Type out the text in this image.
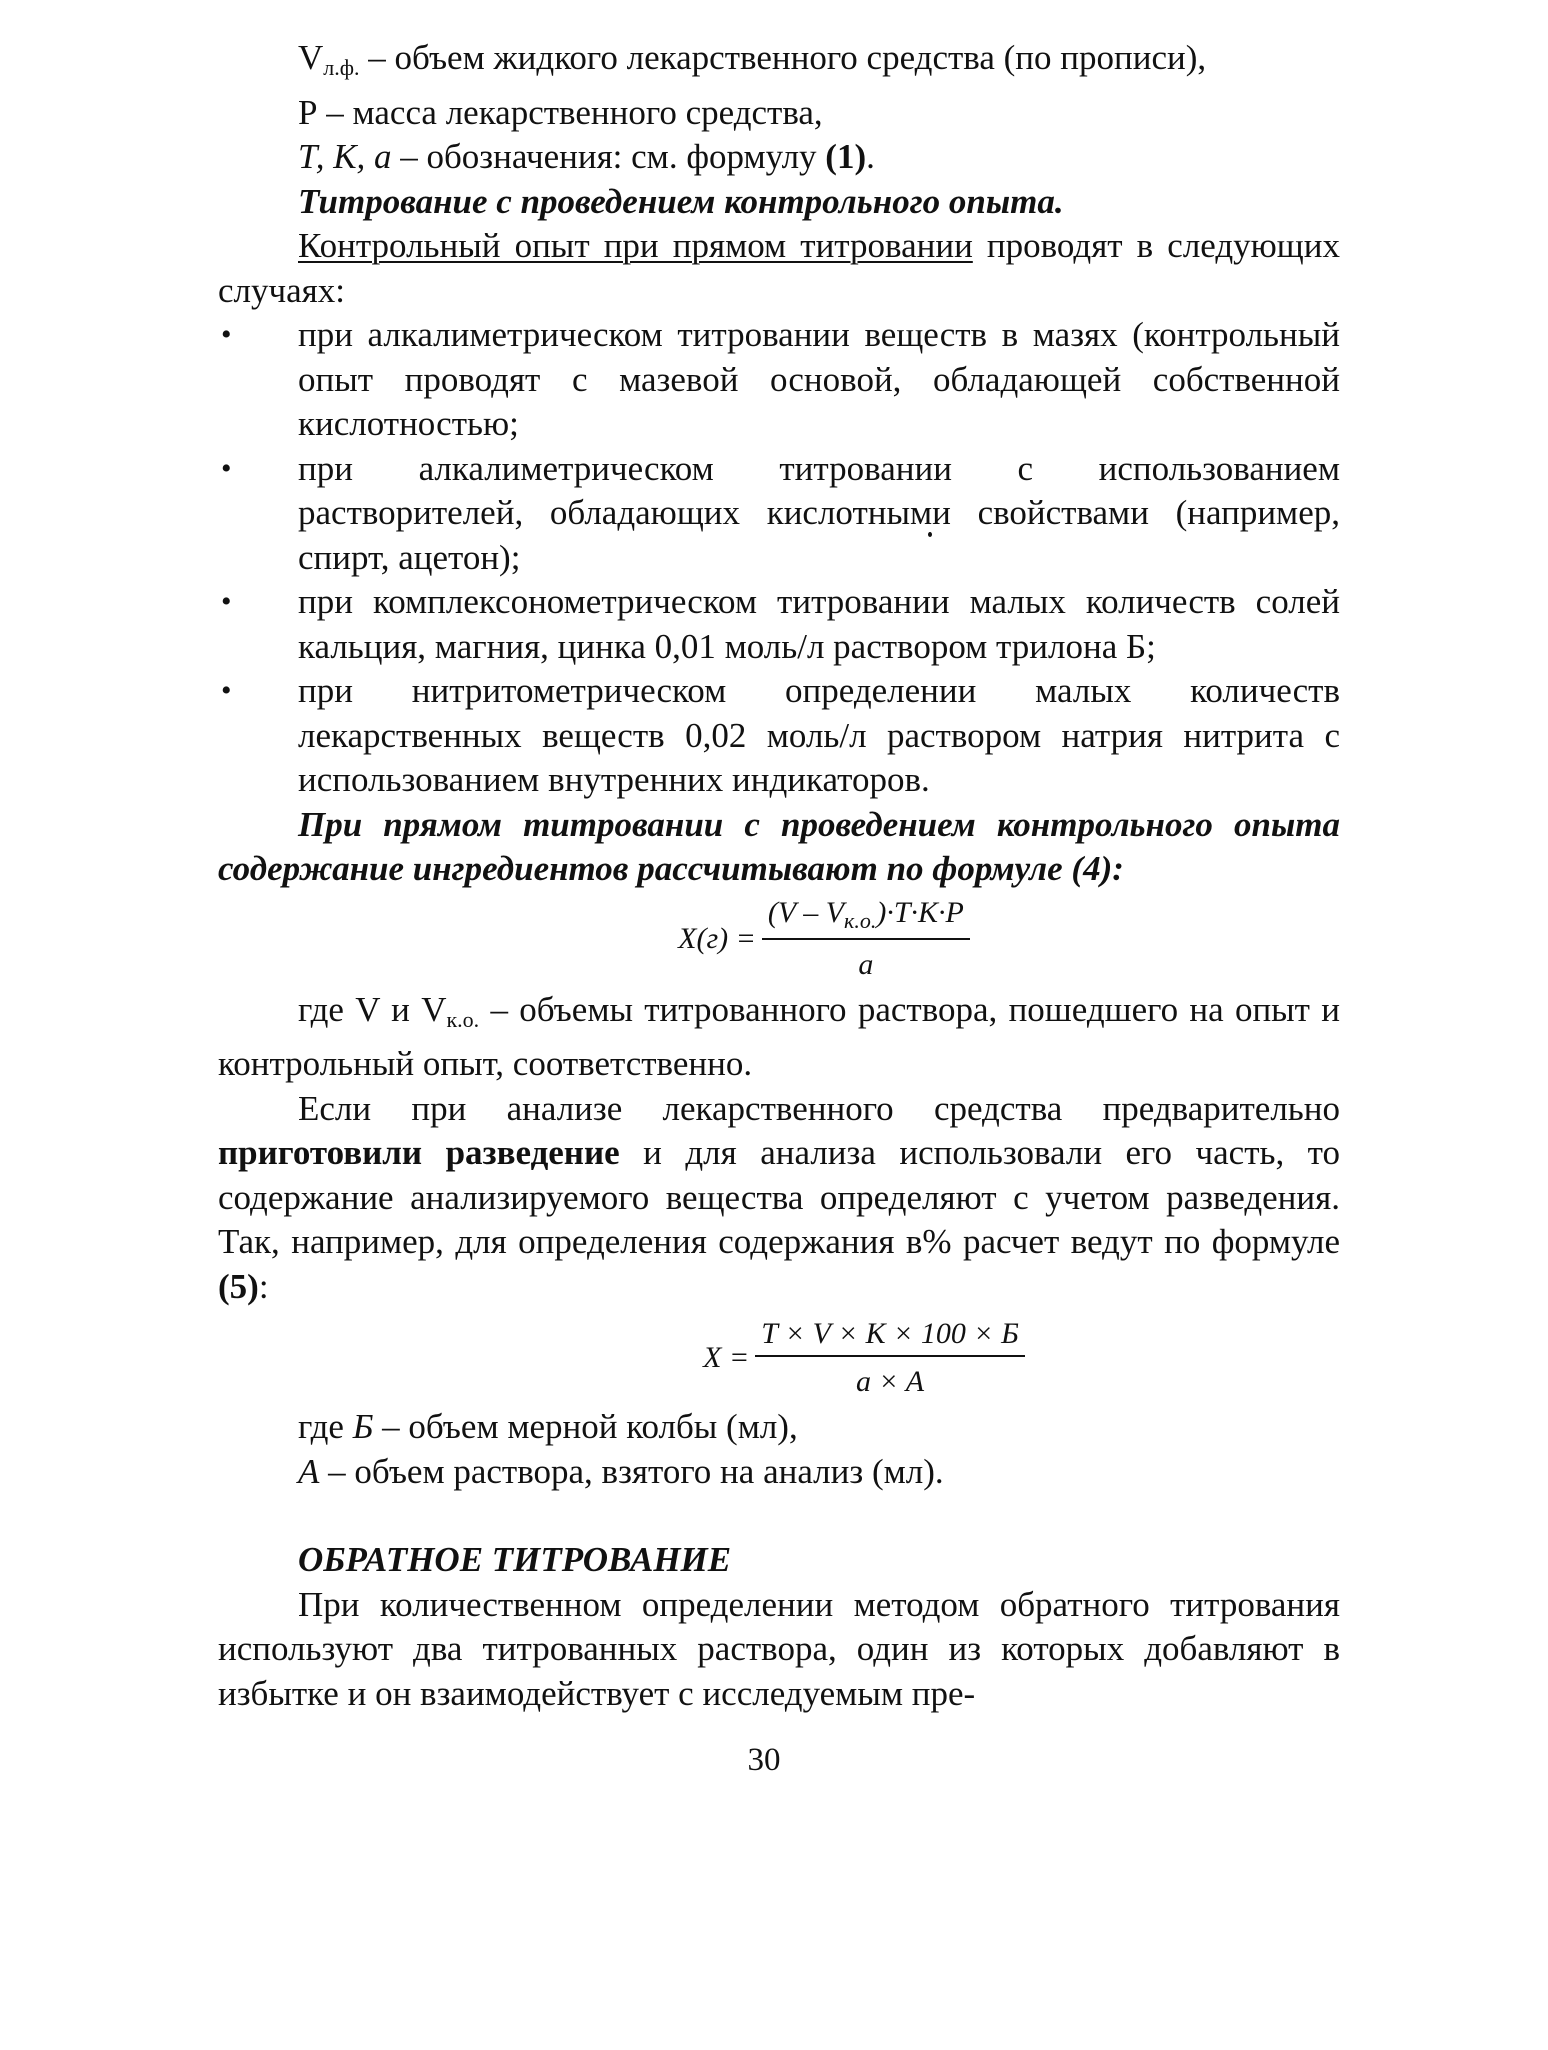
$V_{л.ф.}$ – объем жидкого лекарственного средства (по прописи),

Р – масса лекарственного средства,

Т, К, а – обозначения: см. формулу (1).

Титрование с проведением контрольного опыта.

Контрольный опыт при прямом титровании проводят в следующих случаях:

• при алкалиметрическом титровании веществ в мазях (контрольный опыт проводят с мазевой основой, обладающей собственной кислотностью;
• при алкалиметрическом титровании с использованием растворителей, обладающих кислотными свойствами (например, спирт, ацетон);
• при комплексонометрическом титровании малых количеств солей кальция, магния, цинка 0,01 моль/л раствором трилона Б;
• при нитритометрическом определении малых количеств лекарственных веществ 0,02 моль/л раствором натрия нитрита с использованием внутренних индикаторов.

При прямом титровании с проведением контрольного опыта содержание ингредиентов рассчитывают по формуле (4):

$X(г) = \frac{(V - V_{к.о.})\cdot T\cdot K\cdot P}{a}$

где V и $V_{к.о.}$ – объемы титрованного раствора, пошедшего на опыт и контрольный опыт, соответственно.

Если при анализе лекарственного средства предварительно приготовили разведение и для анализа использовали его часть, то содержание анализируемого вещества определяют с учетом разведения. Так, например, для определения содержания в% расчет ведут по формуле (5):

$X = \frac{T \times V \times K \times 100 \times Б}{a \times A}$

где Б – объем мерной колбы (мл),

А – объем раствора, взятого на анализ (мл).

ОБРАТНОЕ ТИТРОВАНИЕ

При количественном определении методом обратного титрования используют два титрованных раствора, один из которых добавляют в избытке и он взаимодействует с исследуемым пре-

30
